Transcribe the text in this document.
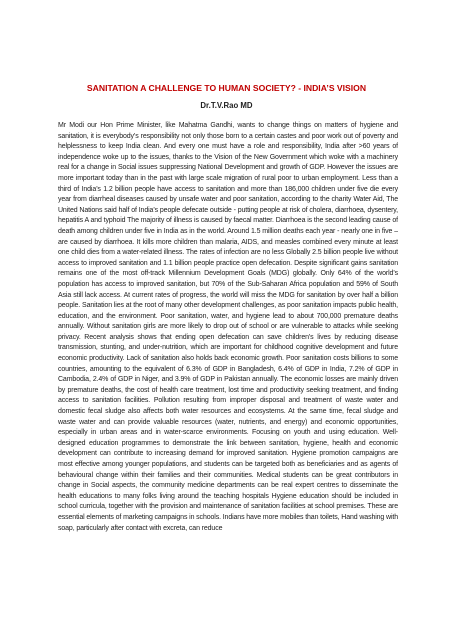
SANITATION A CHALLENGE TO HUMAN SOCIETY? - INDIA’S VISION
Dr.T.V.Rao MD

Mr Modi our Hon Prime Minister, like Mahatma Gandhi, wants to change things on matters of hygiene and sanitation, it is everybody’s responsibility not only those born to a certain castes and poor work out of poverty and helplessness to keep India clean. And every one must have a role and responsibility, India after >60 years of independence woke up to the issues, thanks to the Vision of the New Government which woke with a machinery real for a change in Social issues suppressing National Development and growth of GDP. However the issues are more important today than in the past with large scale migration of rural poor to urban employment. Less than a third of India’s 1.2 billion people have access to sanitation and more than 186,000 children under five die every year from diarrheal diseases caused by unsafe water and poor sanitation, according to the charity Water Aid, The United Nations said half of India’s people defecate outside - putting people at risk of cholera, diarrhoea, dysentery, hepatitis A and typhoid The majority of illness is caused by faecal matter. Diarrhoea is the second leading cause of death among children under five in India as in the world. Around 1.5 million deaths each year - nearly one in five – are caused by diarrhoea. It kills more children than malaria, AIDS, and measles combined every minute at least one child dies from a water-related illness. The rates of infection are no less Globally 2.5 billion people live without access to improved sanitation and 1.1 billion people practice open defecation. Despite significant gains sanitation remains one of the most off-track Millennium Development Goals (MDG) globally. Only 64% of the world’s population has access to improved sanitation, but 70% of the Sub-Saharan Africa population and 59% of South Asia still lack access. At current rates of progress, the world will miss the MDG for sanitation by over half a billion people. Sanitation lies at the root of many other development challenges, as poor sanitation impacts public health, education, and the environment. Poor sanitation, water, and hygiene lead to about 700,000 premature deaths annually. Without sanitation girls are more likely to drop out of school or are vulnerable to attacks while seeking privacy. Recent analysis shows that ending open defecation can save children’s lives by reducing disease transmission, stunting, and under-nutrition, which are important for childhood cognitive development and future economic productivity. Lack of sanitation also holds back economic growth. Poor sanitation costs billions to some countries, amounting to the equivalent of 6.3% of GDP in Bangladesh, 6.4% of GDP in India, 7.2% of GDP in Cambodia, 2.4% of GDP in Niger, and 3.9% of GDP in Pakistan annually. The economic losses are mainly driven by premature deaths, the cost of health care treatment, lost time and productivity seeking treatment, and finding access to sanitation facilities. Pollution resulting from improper disposal and treatment of waste water and domestic fecal sludge also affects both water resources and ecosystems. At the same time, fecal sludge and waste water and can provide valuable resources (water, nutrients, and energy) and economic opportunities, especially in urban areas and in water-scarce environments. Focusing on youth and using education. Well-designed education programmes to demonstrate the link between sanitation, hygiene, health and economic development can contribute to increasing demand for improved sanitation. Hygiene promotion campaigns are most effective among younger populations, and students can be targeted both as beneficiaries and as agents of behavioural change within their families and their communities. Medical students can be great contributors in change in Social aspects, the community medicine departments can be real expert centres to disseminate the health educations to many folks living around the teaching hospitals Hygiene education should be included in school curricula, together with the provision and maintenance of sanitation facilities at school premises. These are essential elements of marketing campaigns in schools. Indians have more mobiles than toilets, Hand washing with soap, particularly after contact with excreta, can reduce
